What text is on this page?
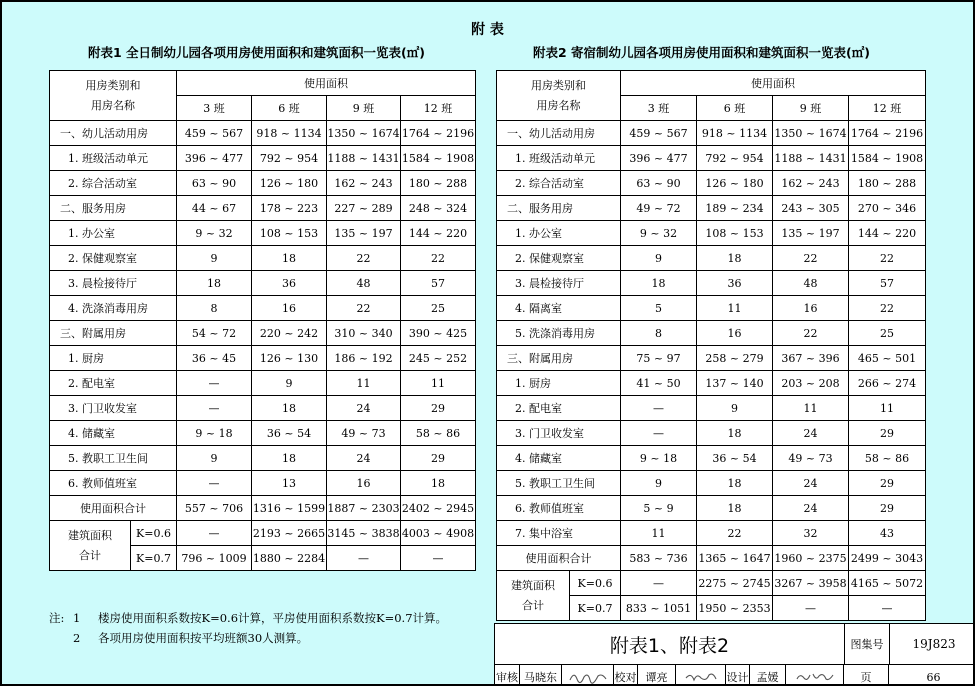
附 表
附表1 全日制幼儿园各项用房使用面积和建筑面积一览表(㎡)	附表2 寄宿制幼儿园各项用房使用面积和建筑面积一览表(㎡)
用房类别和
用房名称		使用面积			
		3 班	6 班	9 班	12 班
一、幼儿活动用房		459 ~ 567	918 ~ 1134	1350 ~ 1674	1764 ~ 2196
1. 班级活动单元		396 ~ 477	792 ~ 954	1188 ~ 1431	1584 ~ 1908
2. 综合活动室		63 ~ 90	126 ~ 180	162 ~ 243	180 ~ 288
二、服务用房		44 ~ 67	178 ~ 223	227 ~ 289	248 ~ 324
1. 办公室		9 ~ 32	108 ~ 153	135 ~ 197	144 ~ 220
2. 保健观察室		9	18	22	22
3. 晨检接待厅		18	36	48	57
4. 洗涤消毒用房		8	16	22	25
三、附属用房		54 ~ 72	220 ~ 242	310 ~ 340	390 ~ 425
1. 厨房		36 ~ 45	126 ~ 130	186 ~ 192	245 ~ 252
2. 配电室		—	9	11	11
3. 门卫收发室		—	18	24	29
4. 储藏室		9 ~ 18	36 ~ 54	49 ~ 73	58 ~ 86
5. 教职工卫生间		9	18	24	29
6. 教师值班室		—	13	16	18
使用面积合计		557 ~ 706	1316 ~ 1599	1887 ~ 2303	2402 ~ 2945

建筑面积
合计	K=0.6	—	2193 ~ 2665	3145 ~ 3838	4003 ~ 4908
	K=0.7	796 ~ 1009	1880 ~ 2284	—	—
用房类别和
用房名称		使用面积			
		3 班	6 班	9 班	12 班
一、幼儿活动用房		459 ~ 567	918 ~ 1134	1350 ~ 1674	1764 ~ 2196
1. 班级活动单元		396 ~ 477	792 ~ 954	1188 ~ 1431	1584 ~ 1908
2. 综合活动室		63 ~ 90	126 ~ 180	162 ~ 243	180 ~ 288
二、服务用房		49 ~ 72	189 ~ 234	243 ~ 305	270 ~ 346
1. 办公室		9 ~ 32	108 ~ 153	135 ~ 197	144 ~ 220
2. 保健观察室		9	18	22	22
3. 晨检接待厅		18	36	48	57
4. 隔离室		5	11	16	22
5. 洗涤消毒用房		8	16	22	25
三、附属用房		75 ~ 97	258 ~ 279	367 ~ 396	465 ~ 501
1. 厨房		41 ~ 50	137 ~ 140	203 ~ 208	266 ~ 274
2. 配电室		—	9	11	11
3. 门卫收发室		—	18	24	29
4. 储藏室		9 ~ 18	36 ~ 54	49 ~ 73	58 ~ 86
5. 教职工卫生间		9	18	24	29
6. 教师值班室		5 ~ 9	18	24	29
7. 集中浴室		11	22	32	43
使用面积合计		583 ~ 736	1365 ~ 1647	1960 ~ 2375	2499 ~ 3043

建筑面积
合计	K=0.6	—	2275 ~ 2745	3267 ~ 3958	4165 ~ 5072
	K=0.7	833 ~ 1051	1950 ~ 2353	—	—
注: 1	楼房使用面积系数按K=0.6计算，平房使用面积系数按K=0.7计算。
2	各项用房使用面积按平均班额30人测算。	附表1、附表2	图集号	19J823
审核 马晓东	校对 谭亮	设计 孟媛	页	66
